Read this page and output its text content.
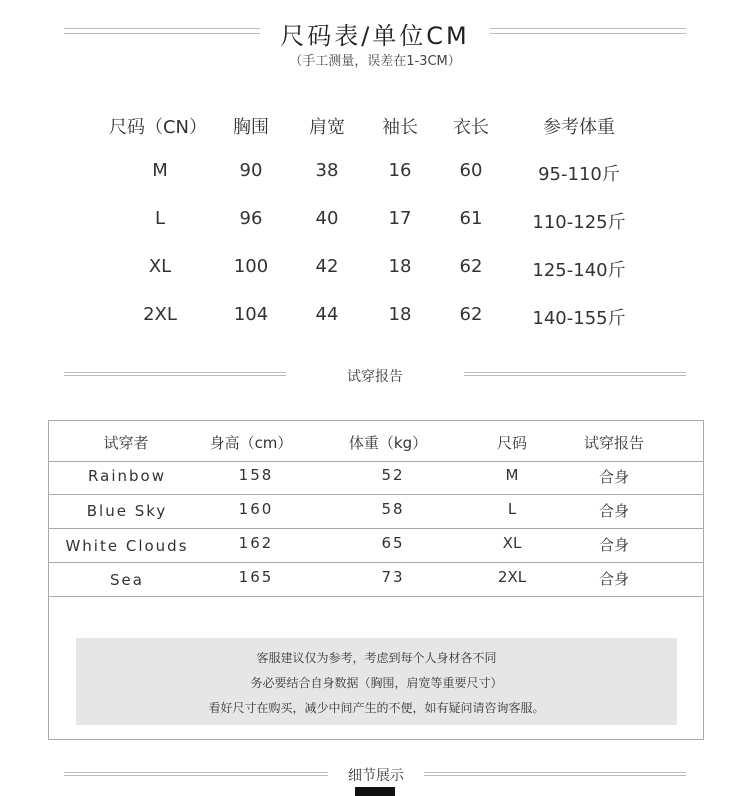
尺码表/单位CM
（手工测量，误差在1-3CM）
尺码（CN）	胸围	肩宽	袖长	衣长	参考体重
M	90	38	16	60	95-110斤
L	96	40	17	61	110-125斤
XL	100	42	18	62	125-140斤
2XL	104	44	18	62	140-155斤
试穿报告
试穿者	身高（cm）	体重（kg）	尺码	试穿报告
Rainbow	158	52	M	合身
Blue Sky	160	58	L	合身
White Clouds	162	65	XL	合身
Sea	165	73	2XL	合身
客服建议仅为参考，考虑到每个人身材各不同
务必要结合自身数据（胸围，肩宽等重要尺寸）
看好尺寸在购买，减少中间产生的不便，如有疑问请咨询客服。
细节展示
